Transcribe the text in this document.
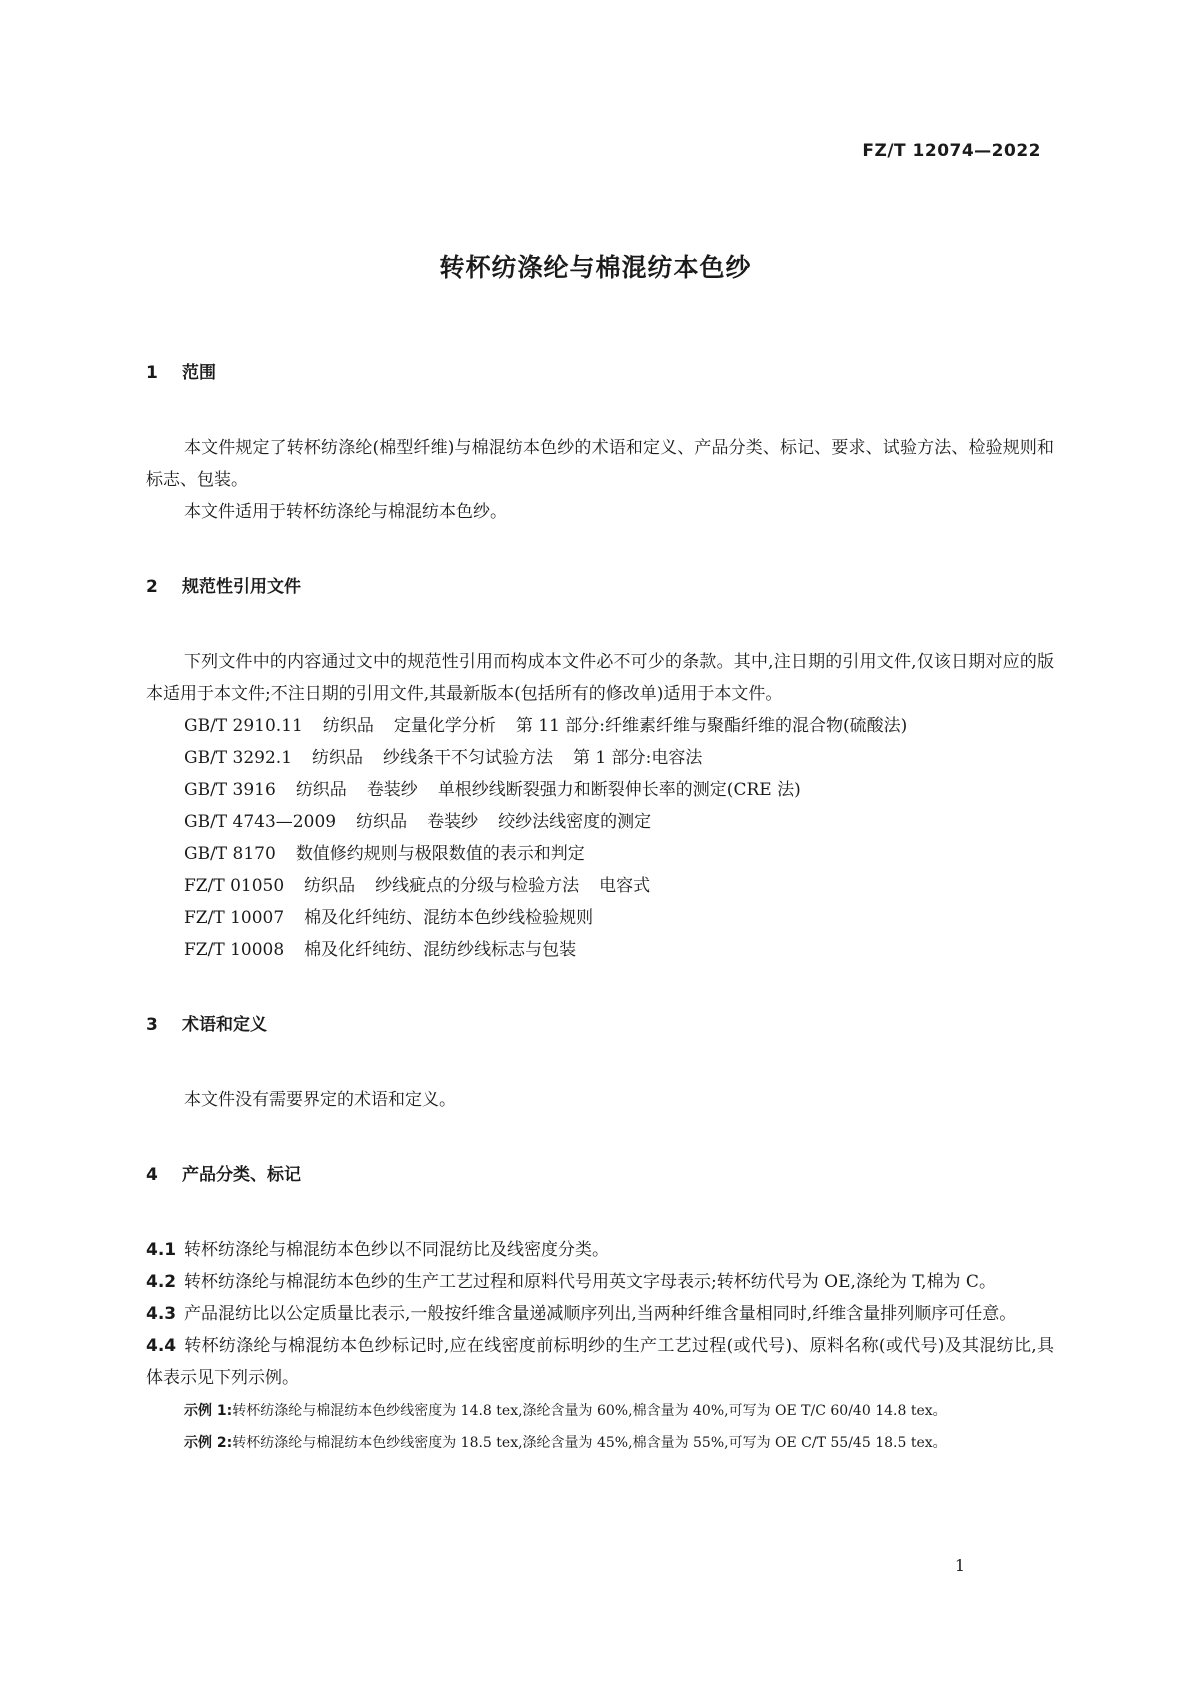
FZ/T 12074—2022
转杯纺涤纶与棉混纺本色纱
1	范围

本文件规定了转杯纺涤纶(棉型纤维)与棉混纺本色纱的术语和定义、产品分类、标记、要求、试验方法、检验规则和标志、包装。

本文件适用于转杯纺涤纶与棉混纺本色纱。

2	规范性引用文件

下列文件中的内容通过文中的规范性引用而构成本文件必不可少的条款。其中,注日期的引用文件,仅该日期对应的版本适用于本文件;不注日期的引用文件,其最新版本(包括所有的修改单)适用于本文件。

GB/T 2910.11 纺织品 定量化学分析 第 11 部分:纤维素纤维与聚酯纤维的混合物(硫酸法)
GB/T 3292.1 纺织品 纱线条干不匀试验方法 第 1 部分:电容法
GB/T 3916 纺织品 卷装纱 单根纱线断裂强力和断裂伸长率的测定(CRE 法)
GB/T 4743—2009 纺织品 卷装纱 绞纱法线密度的测定
GB/T 8170 数值修约规则与极限数值的表示和判定
FZ/T 01050 纺织品 纱线疵点的分级与检验方法 电容式
FZ/T 10007 棉及化纤纯纺、混纺本色纱线检验规则
FZ/T 10008 棉及化纤纯纺、混纺纱线标志与包装
3	术语和定义

本文件没有需要界定的术语和定义。

4	产品分类、标记
4.1 转杯纺涤纶与棉混纺本色纱以不同混纺比及线密度分类。
4.2 转杯纺涤纶与棉混纺本色纱的生产工艺过程和原料代号用英文字母表示;转杯纺代号为 OE,涤纶为 T,棉为 C。
4.3 产品混纺比以公定质量比表示,一般按纤维含量递减顺序列出,当两种纤维含量相同时,纤维含量排列顺序可任意。
4.4 转杯纺涤纶与棉混纺本色纱标记时,应在线密度前标明纱的生产工艺过程(或代号)、原料名称(或代号)及其混纺比,具体表示见下列示例。
示例 1:转杯纺涤纶与棉混纺本色纱线密度为 14.8 tex,涤纶含量为 60%,棉含量为 40%,可写为 OE T/C 60/40 14.8 tex。
示例 2:转杯纺涤纶与棉混纺本色纱线密度为 18.5 tex,涤纶含量为 45%,棉含量为 55%,可写为 OE C/T 55/45 18.5 tex。
1
